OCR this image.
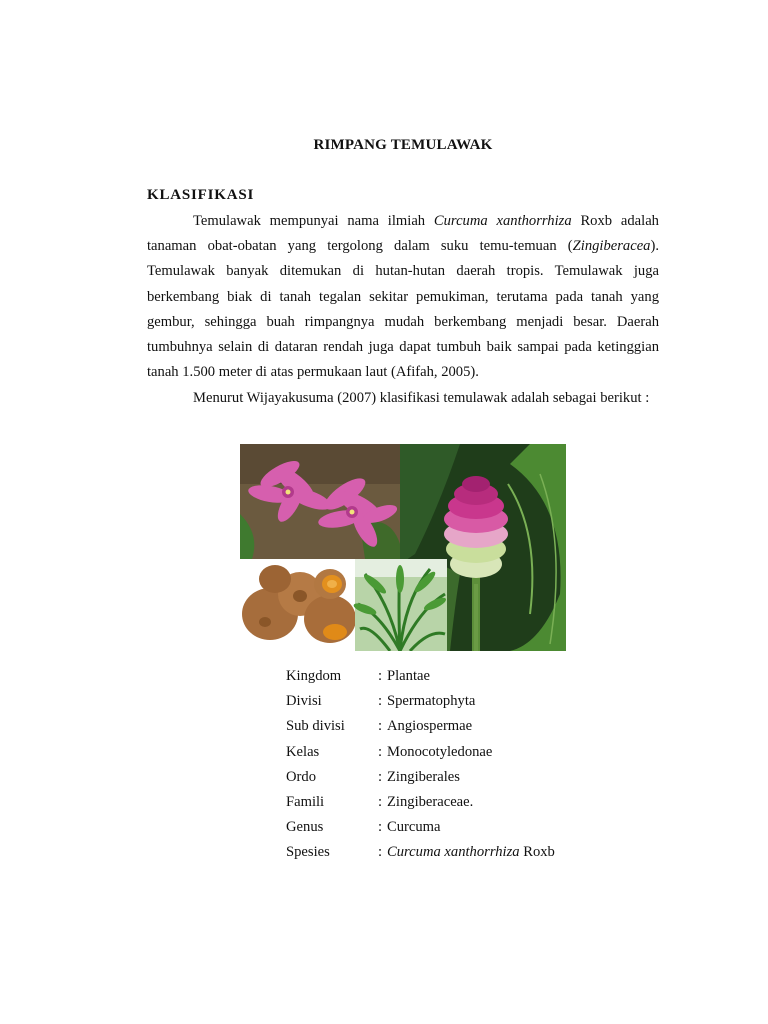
RIMPANG TEMULAWAK
KLASIFIKASI
Temulawak mempunyai nama ilmiah Curcuma xanthorrhiza Roxb adalah tanaman obat-obatan yang tergolong dalam suku temu-temuan (Zingiberacea). Temulawak banyak ditemukan di hutan-hutan daerah tropis. Temulawak juga berkembang biak di tanah tegalan sekitar pemukiman, terutama pada tanah yang gembur, sehingga buah rimpangnya mudah berkembang menjadi besar. Daerah tumbuhnya selain di dataran rendah juga dapat tumbuh baik sampai pada ketinggian tanah 1.500 meter di atas permukaan laut (Afifah, 2005).
Menurut Wijayakusuma (2007) klasifikasi temulawak adalah sebagai berikut :
Kingdom	: Plantae
Divisi	: Spermatophyta
Sub divisi : Angiospermae
Kelas	: Monocotyledonae
Ordo	: Zingiberales
Famili	: Zingiberaceae.
Genus	: Curcuma
Spesies	: Curcuma xanthorrhiza Roxb
